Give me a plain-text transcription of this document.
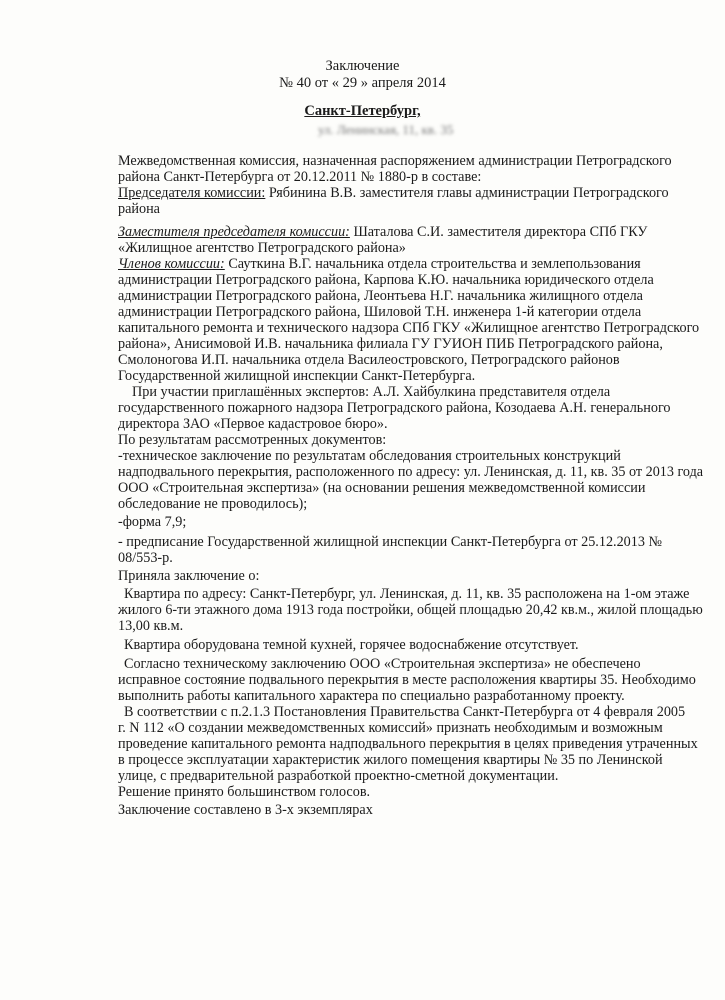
Заключение
№ 40 от « 29 » апреля 2014
Санкт-Петербург,
ул. Ленинская, 11, кв. 35
Межведомственная комиссия, назначенная распоряжением администрации Петроградского
района Санкт-Петербурга от 20.12.2011 № 1880-р в составе:
Председателя комиссии: Рябинина В.В. заместителя главы администрации Петроградского
района
Заместителя председателя комиссии: Шаталова С.И. заместителя директора СПб ГКУ
«Жилищное агентство Петроградского района»
Членов комиссии: Сауткина В.Г. начальника отдела строительства и землепользования
администрации Петроградского района, Карпова К.Ю. начальника юридического отдела
администрации Петроградского района, Леонтьева Н.Г. начальника жилищного отдела
администрации Петроградского района, Шиловой Т.Н. инженера 1-й категории отдела
капитального ремонта и технического надзора СПб ГКУ «Жилищное агентство Петроградского
района», Анисимовой И.В. начальника филиала ГУ ГУИОН ПИБ Петроградского района,
Смолоногова И.П. начальника отдела Василеостровского, Петроградского районов
Государственной жилищной инспекции Санкт-Петербурга.
При участии приглашённых экспертов: А.Л. Хайбулкина представителя отдела
государственного пожарного надзора Петроградского района, Козодаева А.Н. генерального
директора ЗАО «Первое кадастровое бюро».
По результатам рассмотренных документов:
-техническое заключение по результатам обследования строительных конструкций
надподвального перекрытия, расположенного по адресу: ул. Ленинская, д. 11, кв. 35 от 2013 года
ООО «Строительная экспертиза» (на основании решения межведомственной комиссии
обследование не проводилось);
-форма 7,9;
- предписание Государственной жилищной инспекции Санкт-Петербурга от 25.12.2013 №
08/553-р.
Приняла заключение о:
Квартира по адресу: Санкт-Петербург, ул. Ленинская, д. 11, кв. 35 расположена на 1-ом этаже
жилого 6-ти этажного дома 1913 года постройки, общей площадью 20,42 кв.м., жилой площадью
13,00 кв.м.
Квартира оборудована темной кухней, горячее водоснабжение отсутствует.
Согласно техническому заключению ООО «Строительная экспертиза» не обеспечено
исправное состояние подвального перекрытия в месте расположения квартиры 35. Необходимо
выполнить работы капитального характера по специально разработанному проекту.
В соответствии с п.2.1.3 Постановления Правительства Санкт-Петербурга от 4 февраля 2005
г. N 112 «О создании межведомственных комиссий» признать необходимым и возможным
проведение капитального ремонта надподвального перекрытия в целях приведения утраченных
в процессе эксплуатации характеристик жилого помещения квартиры № 35 по Ленинской
улице, с предварительной разработкой проектно-сметной документации.
Решение принято большинством голосов.
Заключение составлено в 3-х экземплярах
